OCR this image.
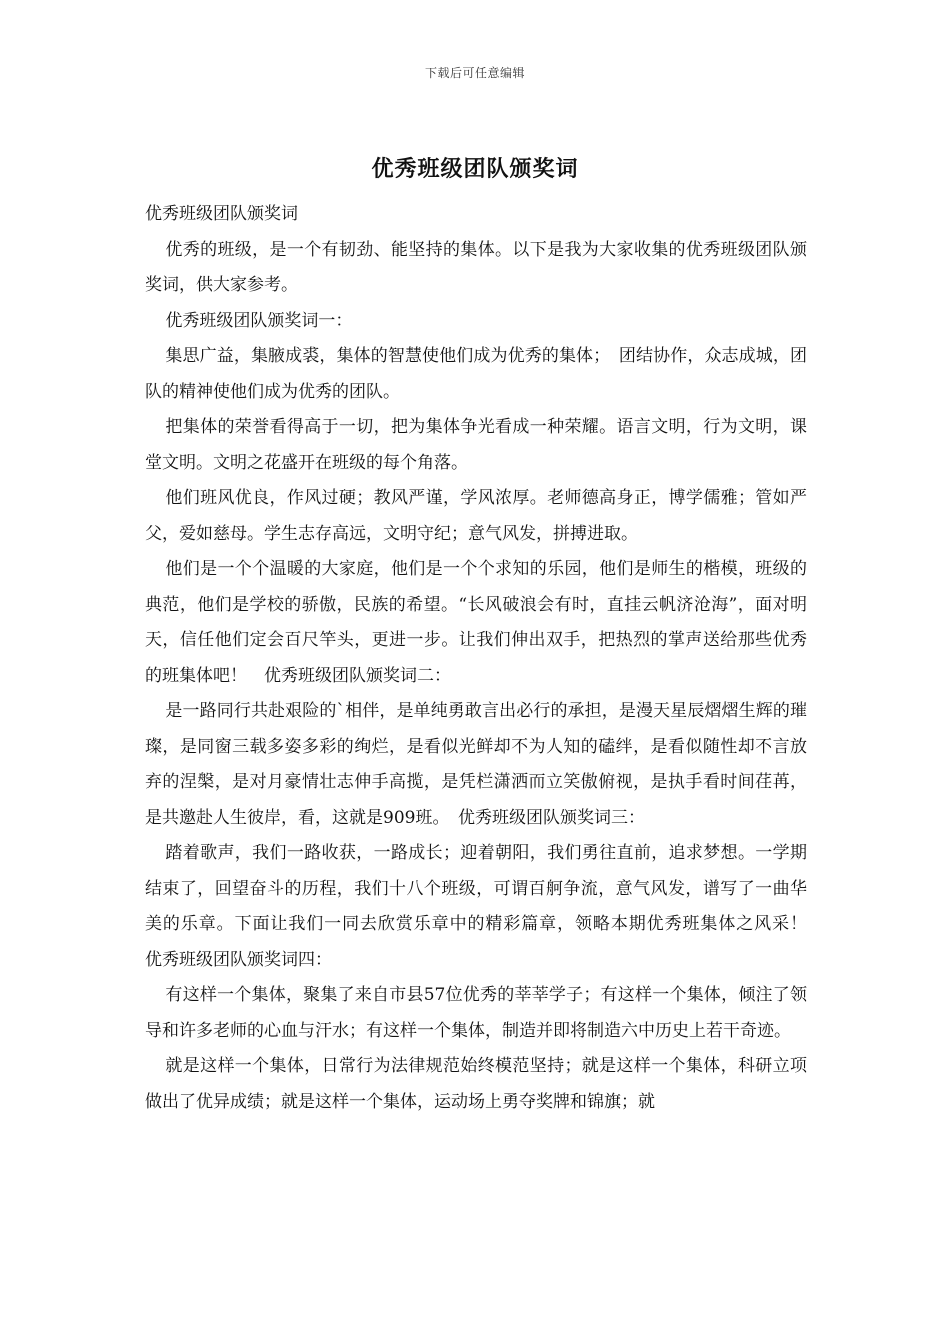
下载后可任意编辑
优秀班级团队颁奖词

优秀班级团队颁奖词

优秀的班级，是一个有韧劲、能坚持的集体。以下是我为大家收集的优秀班级团队颁奖词，供大家参考。

优秀班级团队颁奖词一：

集思广益，集腋成裘，集体的智慧使他们成为优秀的集体；　团结协作，众志成城，团队的精神使他们成为优秀的团队。

把集体的荣誉看得高于一切，把为集体争光看成一种荣耀。语言文明，行为文明，课堂文明。文明之花盛开在班级的每个角落。

他们班风优良，作风过硬；教风严谨，学风浓厚。老师德高身正，博学儒雅；管如严父，爱如慈母。学生志存高远，文明守纪；意气风发，拼搏进取。

他们是一个个温暖的大家庭，他们是一个个求知的乐园，他们是师生的楷模，班级的典范，他们是学校的骄傲，民族的希望。“长风破浪会有时，直挂云帆济沧海”，面对明天，信任他们定会百尺竿头，更进一步。让我们伸出双手，把热烈的掌声送给那些优秀的班集体吧！　优秀班级团队颁奖词二：

是一路同行共赴艰险的`相伴，是单纯勇敢言出必行的承担，是漫天星辰熠熠生辉的璀璨，是同窗三载多姿多彩的绚烂，是看似光鲜却不为人知的磕绊，是看似随性却不言放弃的涅槃，是对月豪情壮志伸手高揽，是凭栏潇洒而立笑傲俯视，是执手看时间荏苒，是共邀赴人生彼岸，看，这就是909班。　优秀班级团队颁奖词三：

踏着歌声，我们一路收获，一路成长；迎着朝阳，我们勇往直前，追求梦想。一学期结束了，回望奋斗的历程，我们十八个班级，可谓百舸争流，意气风发，谱写了一曲华美的乐章。下面让我们一同去欣赏乐章中的精彩篇章，领略本期优秀班集体之风采！　优秀班级团队颁奖词四：

有这样一个集体，聚集了来自市县57位优秀的莘莘学子；有这样一个集体，倾注了领导和许多老师的心血与汗水；有这样一个集体，制造并即将制造六中历史上若干奇迹。

就是这样一个集体，日常行为法律规范始终模范坚持；就是这样一个集体，科研立项做出了优异成绩；就是这样一个集体，运动场上勇夺奖牌和锦旗；就
